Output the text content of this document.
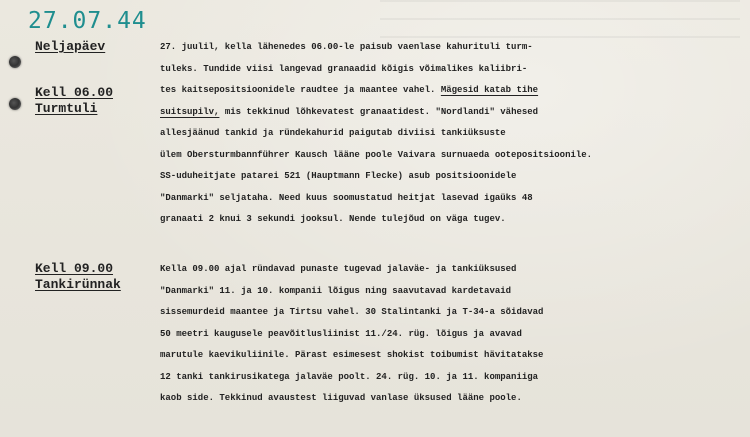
27.07.44
Neljapäev
Kell 06.00
Turmtuli
27. juulil, kella lähenedes 06.00-le paisub vaenlase kahurituli turm-
tuleks. Tundide viisi langevad granaadid kõigis võimalikes kaliibri-
tes kaitsepositsioonidele raudtee ja maantee vahel. Mägesid katab tihe
suitsupilv, mis tekkinud lõhkevatest granaatidest. "Nordlandi" vähesed
allesjäänud tankid ja ründekahurid paigutab diviisi tankiüksuste
ülem Obersturmbannführer Kausch lääne poole Vaivara surnuaeda ootepositsioonile.
SS-uduheitjate patarei 521 (Hauptmann Flecke) asub positsioonidele
"Danmarki" seljataha. Need kuus soomustatud heitjat lasevad igaüks 48
granaati 2 knui 3 sekundi jooksul. Nende tulejõud on väga tugev.
Kell 09.00
Tankirünnak
Kella 09.00 ajal ründavad punaste tugevad jalaväe- ja tankiüksused
"Danmarki" 11. ja 10. kompanii lõigus ning saavutavad kardetavaid
sissemurdeid maantee ja Tirtsu vahel. 30 Stalintanki ja T-34-a sõidavad
50 meetri kaugusele peavõitlusliinist 11./24. rüg. lõigus ja avavad
marutule kaevikuliinile. Pärast esimesest shokist toibumist hävitatakse
12 tanki tankirusikatega jalaväe poolt. 24. rüg. 10. ja 11. kompaniiga
kaob side. Tekkinud avaustest liiguvad vanlase üksused lääne poole.
